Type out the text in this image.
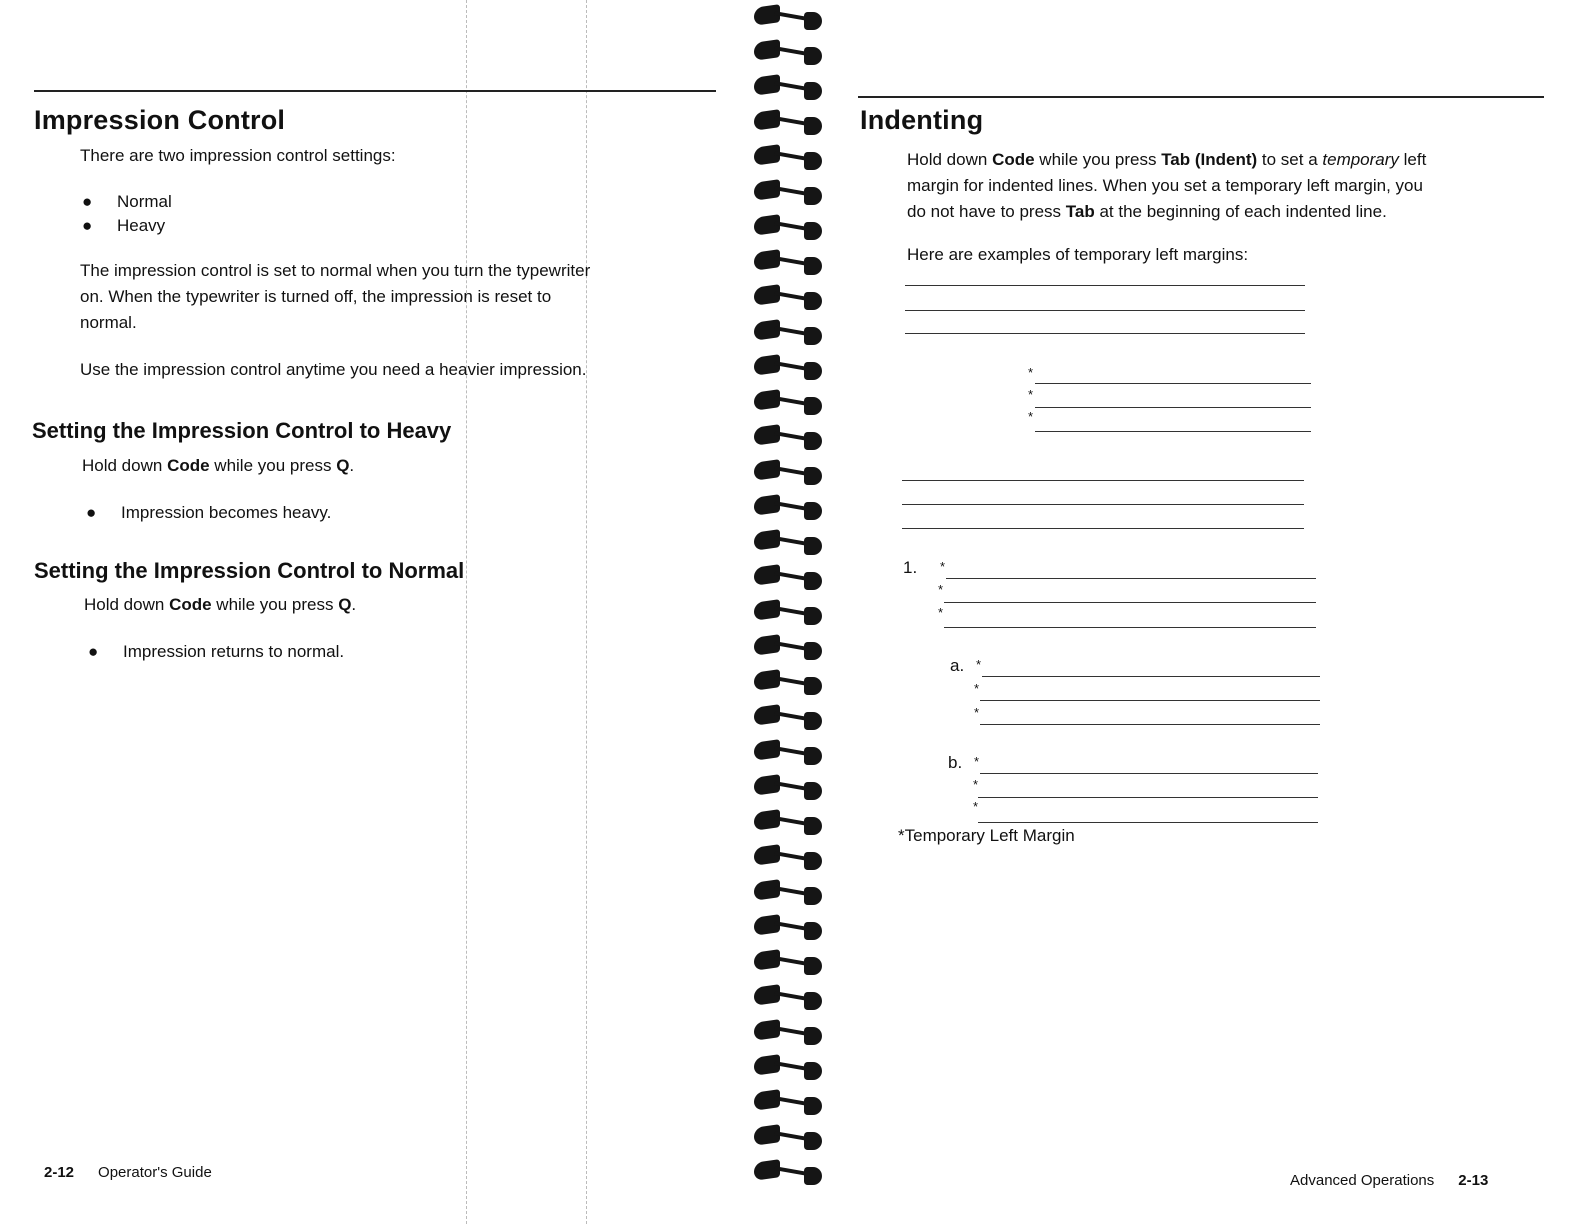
Impression Control
There are two impression control settings:
● Normal
● Heavy
The impression control is set to normal when you turn the typewriter
on. When the typewriter is turned off, the impression is reset to
normal.
Use the impression control anytime you need a heavier impression.
Setting the Impression Control to Heavy
Hold down Code while you press Q.
● Impression becomes heavy.
Setting the Impression Control to Normal
Hold down Code while you press Q.
● Impression returns to normal.
2-12 Operator's Guide
Indenting
Hold down Code while you press Tab (Indent) to set a temporary left
margin for indented lines. When you set a temporary left margin, you
do not have to press Tab at the beginning of each indented line.
Here are examples of temporary left margins:
*
*
*
1. *
*
*
a. *
*
*
b. *
*
*
*Temporary Left Margin
Advanced Operations 2-13
